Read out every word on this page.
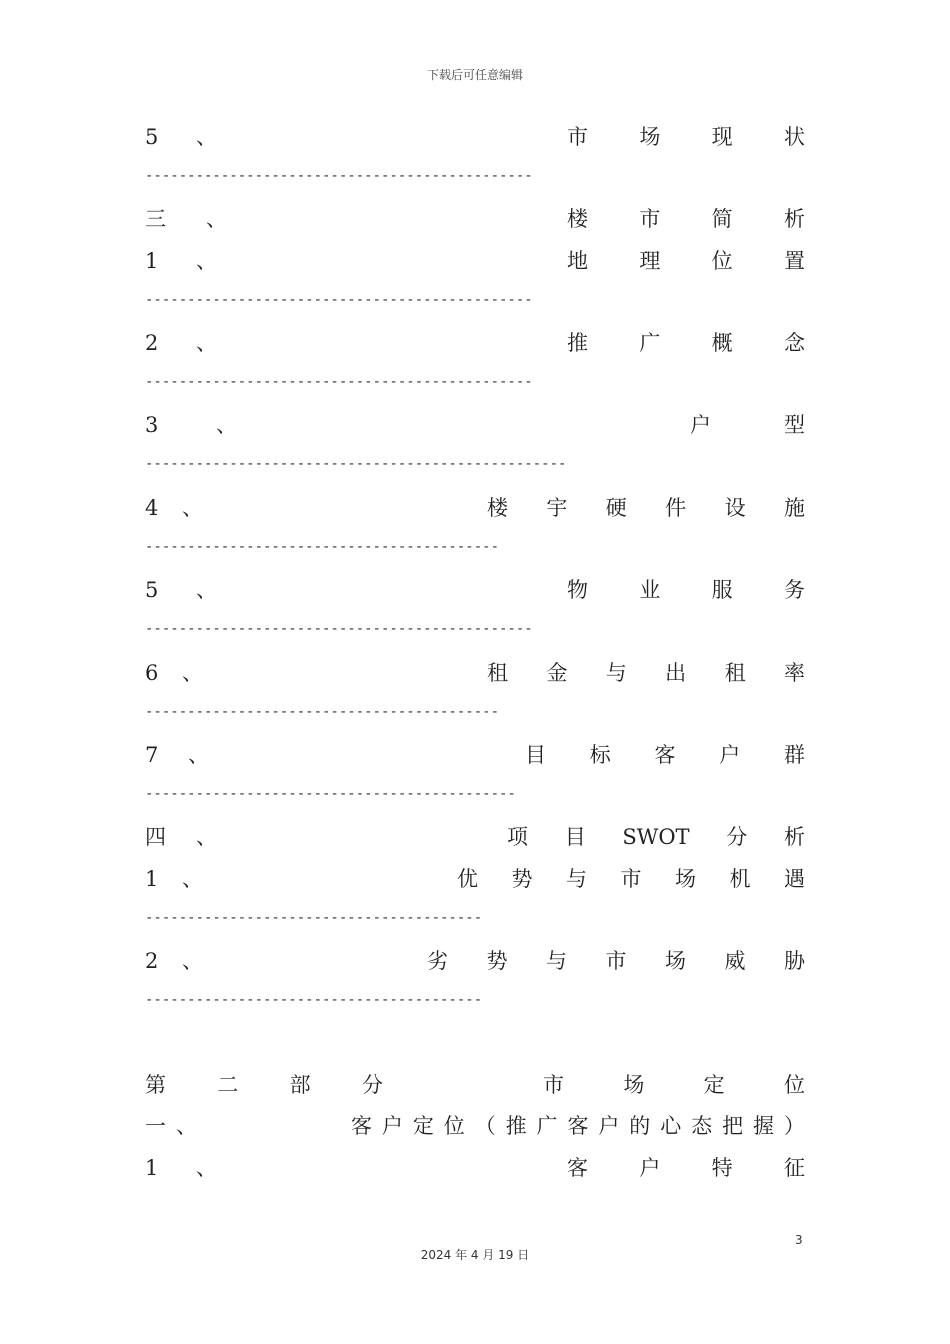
下载后可任意编辑
5 、	市 场 现 状
----------------------------------------------
三 、	楼 市 简 析
1 、	地 理 位 置
----------------------------------------------
2 、	推 广 概 念
----------------------------------------------
3	、	户	型
--------------------------------------------------
4 、	楼 宇 硬 件 设 施
------------------------------------------
5 、	物 业 服 务
----------------------------------------------
6 、	租 金 与 出 租 率
------------------------------------------
7 、	目 标 客 户 群
--------------------------------------------
四 、	项 目 SWOT 分 析
1 、	优 势 与 市 场 机 遇
----------------------------------------
2 、	劣 势 与 市 场 威 胁
----------------------------------------
第 二 部 分	市	场	定	位
一 、	客 户 定 位 （ 推 广 客 户 的 心 态 把 握 ）
1 、	客 户 特 征
3
2024 年 4 月 19 日
